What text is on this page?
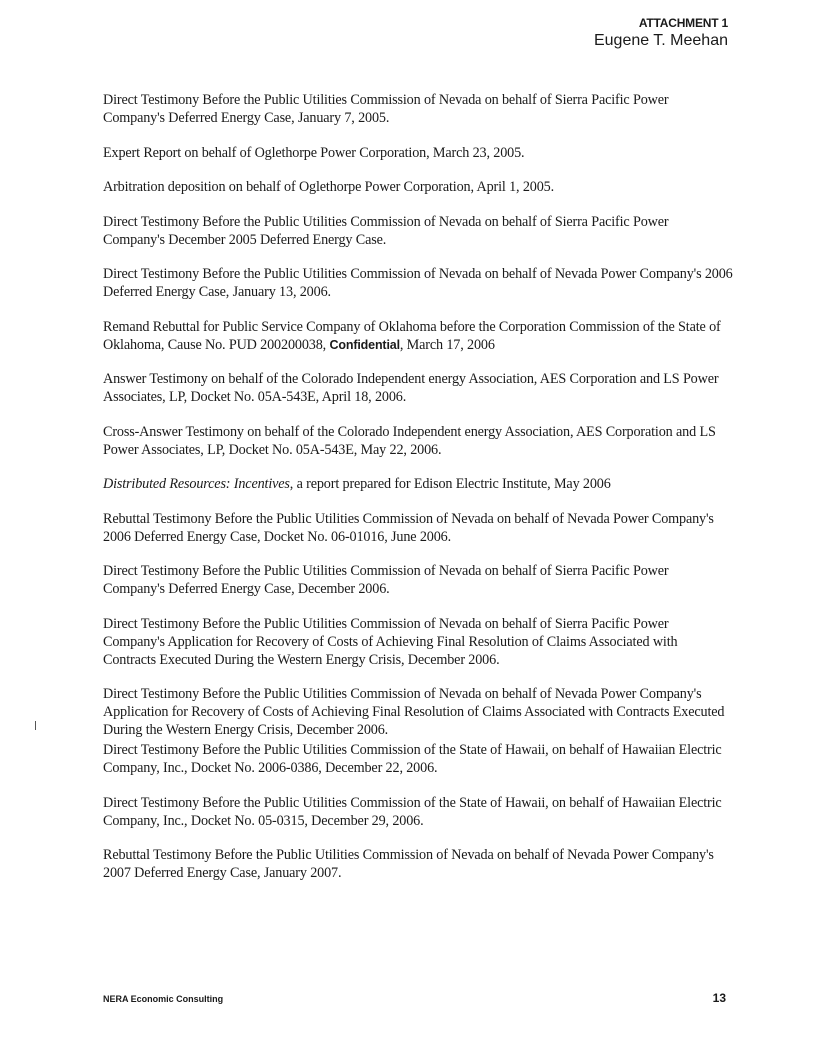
ATTACHMENT 1
Eugene T. Meehan

Direct Testimony Before the Public Utilities Commission of Nevada on behalf of Sierra Pacific Power Company's Deferred Energy Case, January 7, 2005.

Expert Report on behalf of Oglethorpe Power Corporation, March 23, 2005.

Arbitration deposition on behalf of Oglethorpe Power Corporation, April 1, 2005.

Direct Testimony Before the Public Utilities Commission of Nevada on behalf of Sierra Pacific Power Company's December 2005 Deferred Energy Case.

Direct Testimony Before the Public Utilities Commission of Nevada on behalf of Nevada Power Company's 2006 Deferred Energy Case, January 13, 2006.

Remand Rebuttal for Public Service Company of Oklahoma before the Corporation Commission of the State of Oklahoma, Cause No. PUD 200200038, Confidential, March 17, 2006

Answer Testimony on behalf of the Colorado Independent energy Association, AES Corporation and LS Power Associates, LP, Docket No. 05A-543E, April 18, 2006.

Cross-Answer Testimony on behalf of the Colorado Independent energy Association, AES Corporation and LS Power Associates, LP, Docket No. 05A-543E, May 22, 2006.

Distributed Resources: Incentives, a report prepared for Edison Electric Institute, May 2006

Rebuttal Testimony Before the Public Utilities Commission of Nevada on behalf of Nevada Power Company's 2006 Deferred Energy Case, Docket No. 06-01016, June 2006.

Direct Testimony Before the Public Utilities Commission of Nevada on behalf of Sierra Pacific Power Company's Deferred Energy Case, December 2006.

Direct Testimony Before the Public Utilities Commission of Nevada on behalf of Sierra Pacific Power Company's Application for Recovery of Costs of Achieving Final Resolution of Claims Associated with Contracts Executed During the Western Energy Crisis, December 2006.

Direct Testimony Before the Public Utilities Commission of Nevada on behalf of Nevada Power Company's Application for Recovery of Costs of Achieving Final Resolution of Claims Associated with Contracts Executed During the Western Energy Crisis, December 2006.

Direct Testimony Before the Public Utilities Commission of the State of Hawaii, on behalf of Hawaiian Electric Company, Inc., Docket No. 2006-0386, December 22, 2006.

Direct Testimony Before the Public Utilities Commission of the State of Hawaii, on behalf of Hawaiian Electric Company, Inc., Docket No. 05-0315, December 29, 2006.

Rebuttal Testimony Before the Public Utilities Commission of Nevada on behalf of Nevada Power Company's 2007 Deferred Energy Case, January 2007.

NERA Economic Consulting	13
